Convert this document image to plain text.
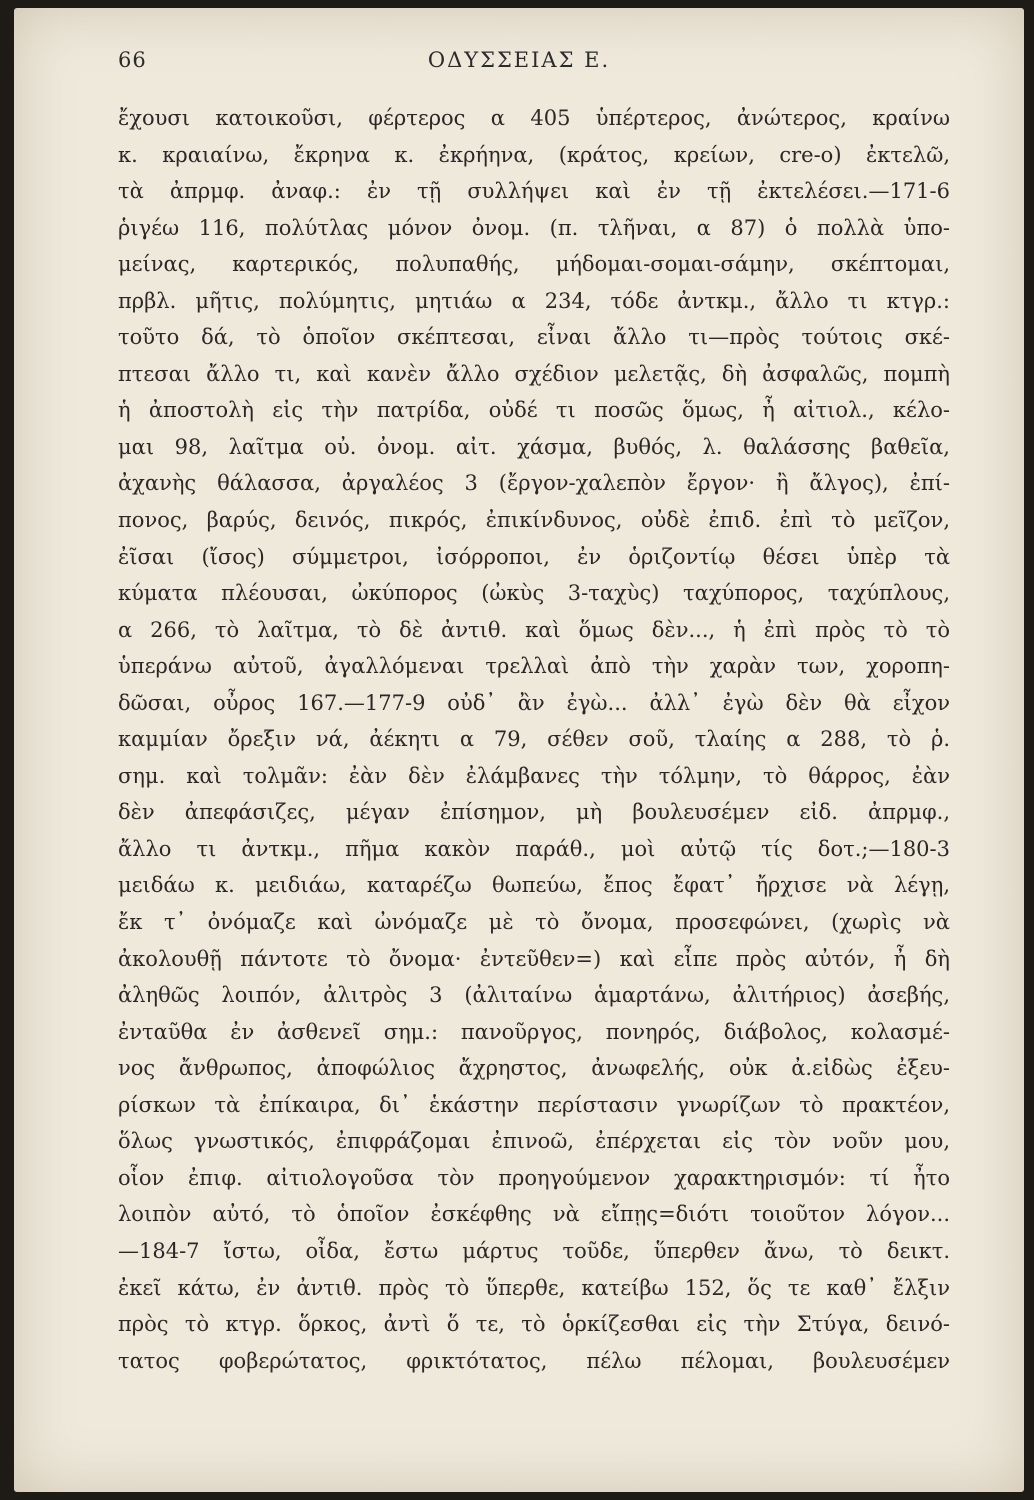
66	ΟΔΥΣΣΕΙΑΣ Ε.
ἔχουσι κατοικοῦσι, φέρτερος α 405 ὑπέρτερος, ἀνώτερος, κραίνω
κ. κραιαίνω, ἔκρηνα κ. ἐκρήηνα, (κράτος, κρείων, cre-o) ἐκτελῶ,
τὰ ἀπρμφ. ἀναφ.: ἐν τῇ συλλήψει καὶ ἐν τῇ ἐκτελέσει.—171-6
ῥιγέω 116, πολύτλας μόνον ὀνομ. (π. τλῆναι, α 87) ὁ πολλὰ ὑπο-
μείνας, καρτερικός, πολυπαθής, μήδομαι-σομαι-σάμην, σκέπτομαι,
πρβλ. μῆτις, πολύμητις, μητιάω α 234, τόδε ἀντκμ., ἄλλο τι κτγρ.:
τοῦτο δά, τὸ ὁποῖον σκέπτεσαι, εἶναι ἄλλο τι—πρὸς τούτοις σκέ-
πτεσαι ἄλλο τι, καὶ κανὲν ἄλλο σχέδιον μελετᾷς, δὴ ἀσφαλῶς, πομπὴ
ἡ ἀποστολὴ εἰς τὴν πατρίδα, οὐδέ τι ποσῶς ὅμως, ἦ αἰτιολ., κέλο-
μαι 98, λαῖτμα οὐ. ὀνομ. αἰτ. χάσμα, βυθός, λ. θαλάσσης βαθεῖα,
ἀχανὴς θάλασσα, ἀργαλέος 3 (ἔργον-χαλεπὸν ἔργον· ἢ ἄλγος), ἐπί-
πονος, βαρύς, δεινός, πικρός, ἐπικίνδυνος, οὐδὲ ἐπιδ. ἐπὶ τὸ μεῖζον,
ἐῖσαι (ἴσος) σύμμετροι, ἰσόρροποι, ἐν ὁριζοντίῳ θέσει ὑπὲρ τὰ
κύματα πλέουσαι, ὠκύπορος (ὠκὺς 3-ταχὺς) ταχύπορος, ταχύπλους,
α 266, τὸ λαῖτμα, τὸ δὲ ἀντιθ. καὶ ὅμως δὲν..., ἡ ἐπὶ πρὸς τὸ τὸ
ὑπεράνω αὐτοῦ, ἀγαλλόμεναι τρελλαὶ ἀπὸ τὴν χαρὰν των, χοροπη-
δῶσαι, οὖρος 167.—177-9 οὐδ᾽ ἂν ἐγὼ... ἀλλ᾽ ἐγὼ δὲν θὰ εἶχον
καμμίαν ὄρεξιν νά, ἀέκητι α 79, σέθεν σοῦ, τλαίης α 288, τὸ ῥ.
σημ. καὶ τολμᾶν: ἐὰν δὲν ἐλάμβανες τὴν τόλμην, τὸ θάρρος, ἐὰν
δὲν ἀπεφάσιζες, μέγαν ἐπίσημον, μὴ βουλευσέμεν εἰδ. ἀπρμφ.,
ἄλλο τι ἀντκμ., πῆμα κακὸν παράθ., μοὶ αὐτῷ τίς δοτ.;—180-3
μειδάω κ. μειδιάω, καταρέζω θωπεύω, ἔπος ἔφατ᾽ ἤρχισε νὰ λέγῃ,
ἔκ τ᾽ ὀνόμαζε καὶ ὠνόμαζε μὲ τὸ ὄνομα, προσεφώνει, (χωρὶς νὰ
ἀκολουθῇ πάντοτε τὸ ὄνομα· ἐντεῦθεν=) καὶ εἶπε πρὸς αὐτόν, ἦ δὴ
ἀληθῶς λοιπόν, ἀλιτρὸς 3 (ἀλιταίνω ἁμαρτάνω, ἀλιτήριος) ἀσεβής,
ἐνταῦθα ἐν ἀσθενεῖ σημ.: πανοῦργος, πονηρός, διάβολος, κολασμέ-
νος ἄνθρωπος, ἀποφώλιος ἄχρηστος, ἀνωφελής, οὐκ ἀ.εἰδὼς ἐξευ-
ρίσκων τὰ ἐπίκαιρα, δι᾽ ἑκάστην περίστασιν γνωρίζων τὸ πρακτέον,
ὅλως γνωστικός, ἐπιφράζομαι ἐπινοῶ, ἐπέρχεται εἰς τὸν νοῦν μου,
οἷον ἐπιφ. αἰτιολογοῦσα τὸν προηγούμενον χαρακτηρισμόν: τί ἦτο
λοιπὸν αὐτό, τὸ ὁποῖον ἐσκέφθης νὰ εἴπῃς=διότι τοιοῦτον λόγον...
—184-7 ἴστω, οἶδα, ἔστω μάρτυς τοῦδε, ὕπερθεν ἄνω, τὸ δεικτ.
ἐκεῖ κάτω, ἐν ἀντιθ. πρὸς τὸ ὕπερθε, κατείβω 152, ὅς τε καθ᾽ ἔλξιν
πρὸς τὸ κτγρ. ὅρκος, ἀντὶ ὅ τε, τὸ ὁρκίζεσθαι εἰς τὴν Στύγα, δεινό-
τατος φοβερώτατος, φρικτότατος, πέλω πέλομαι, βουλευσέμεν
